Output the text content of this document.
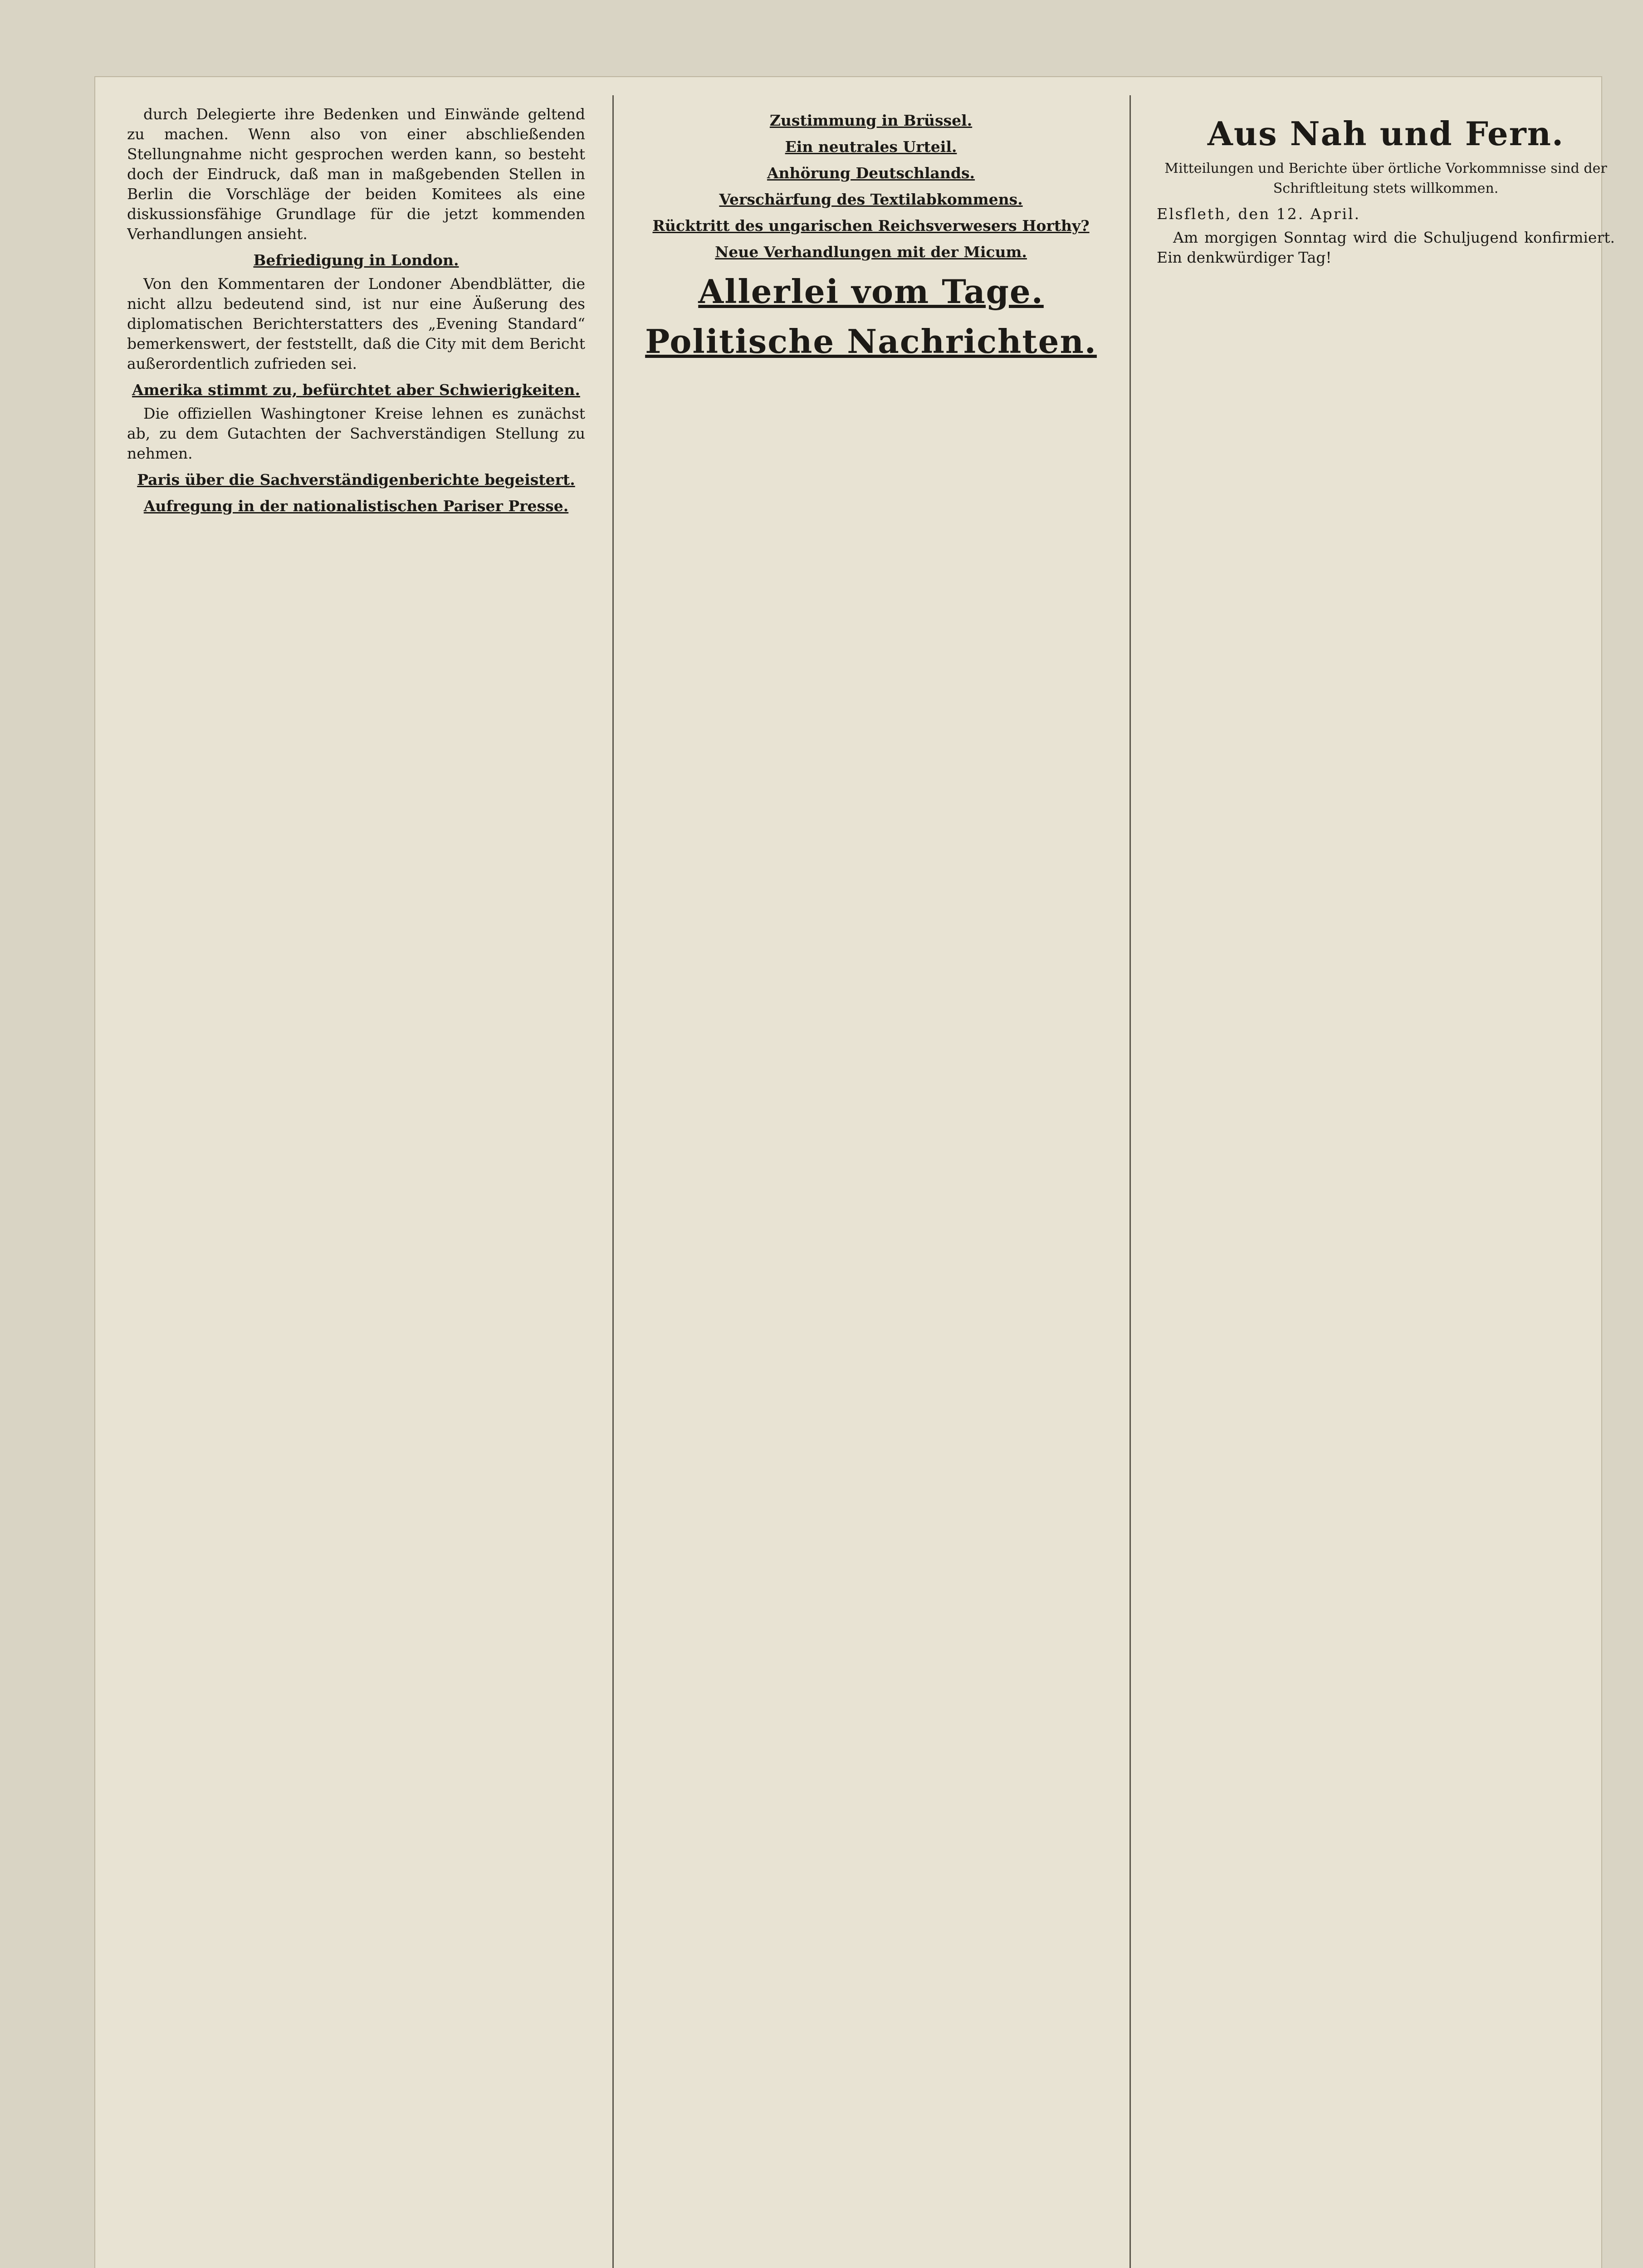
durch Delegierte ihre Bedenken und Einwände geltend zu machen. Wenn also von einer abschließenden Stellungnahme nicht gesprochen werden kann, so besteht doch der Eindruck, daß man in maßgebenden Stellen in Berlin die Vorschläge der beiden Komitees als eine diskussionsfähige Grundlage für die jetzt kommenden Verhandlungen ansieht.

Befriedigung in London.

Von den Kommentaren der Londoner Abendblätter, die nicht allzu bedeutend sind, ist nur eine Äußerung des diplomatischen Berichterstatters des „Evening Standard“ bemerkenswert, der feststellt, daß die City mit dem Bericht außerordentlich zufrieden sei.

Amerika stimmt zu, befürchtet aber Schwierigkeiten.

Die offiziellen Washingtoner Kreise lehnen es zunächst ab, zu dem Gutachten der Sachverständigen Stellung zu nehmen.

Paris über die Sachverständigenberichte begeistert.

Aufregung in der nationalistischen Pariser Presse.

Zustimmung in Brüssel.

Ein neutrales Urteil.

Anhörung Deutschlands.

Verschärfung des Textilabkommens.

Rücktritt des ungarischen Reichsverwesers Horthy?

Neue Verhandlungen mit der Micum.

Allerlei vom Tage.

Politische Nachrichten.

Aus Nah und Fern.

Mitteilungen und Berichte über örtliche Vorkommnisse sind der Schriftleitung stets willkommen.

Elsfleth, den 12. April.

Am morgigen Sonntag wird die Schuljugend konfirmiert. Ein denkwürdiger Tag!
